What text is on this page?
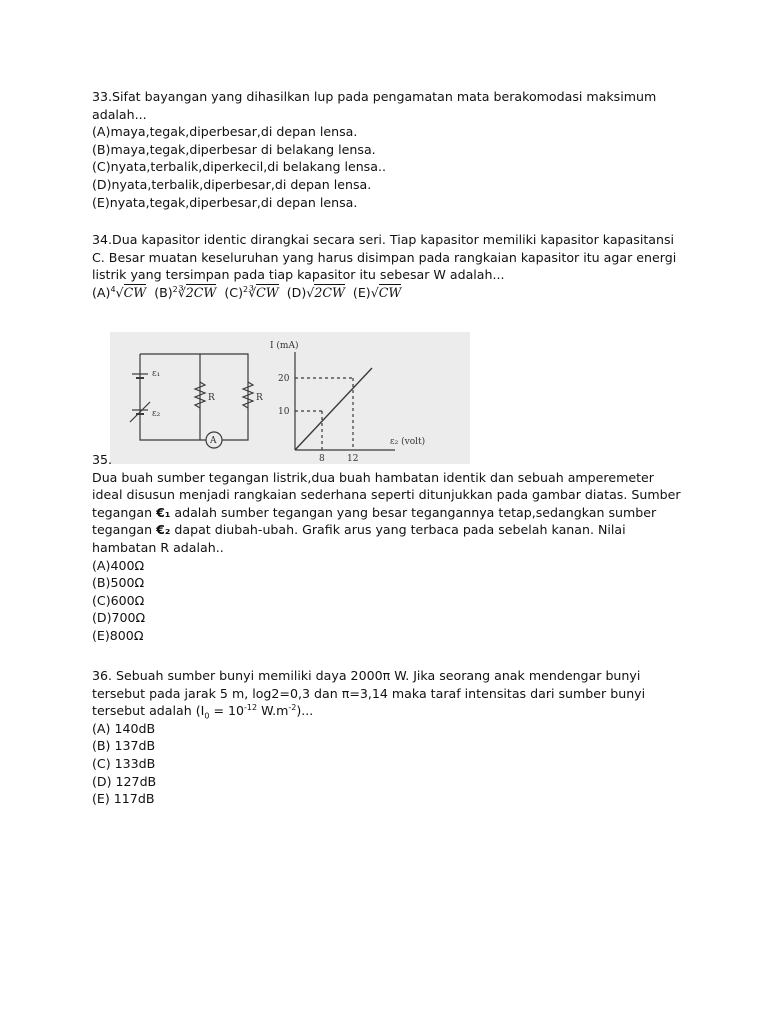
33.Sifat bayangan yang dihasilkan lup pada pengamatan mata berakomodasi maksimum
adalah...
(A)maya,tegak,diperbesar,di depan lensa.
(B)maya,tegak,diperbesar di belakang lensa.
(C)nyata,terbalik,diperkecil,di belakang lensa..
(D)nyata,terbalik,diperbesar,di depan lensa.
(E)nyata,tegak,diperbesar,di depan lensa.
34.Dua kapasitor identic dirangkai secara seri. Tiap kapasitor memiliki kapasitor kapasitansi
C. Besar muatan keseluruhan yang harus disimpan pada rangkaian kapasitor itu agar energi
listrik yang tersimpan pada tiap kapasitor itu sebesar W adalah...
$(A)^4√CW$ $(B)^2∛2CW$ $(C)^2∛CW$ (D)√2CW (E)√CW
ε₁
ε₂
R	R
A
I (mA)
ε₂ (volt)
20
10
8 12
35.
Dua buah sumber tegangan listrik,dua buah hambatan identik dan sebuah amperemeter
ideal disusun menjadi rangkaian sederhana seperti ditunjukkan pada gambar diatas. Sumber
tegangan €₁ adalah sumber tegangan yang besar tegangannya tetap,sedangkan sumber
tegangan €₂ dapat diubah-ubah. Grafik arus yang terbaca pada sebelah kanan. Nilai
hambatan R adalah..
(A)400Ω
(B)500Ω
(C)600Ω
(D)700Ω
(E)800Ω
36. Sebuah sumber bunyi memiliki daya 2000π W. Jika seorang anak mendengar bunyi
tersebut pada jarak 5 m, log2=0,3 dan π=3,14 maka taraf intensitas dari sumber bunyi
tersebut adalah ($I_0 = 10^{-12}$ $W.m^{-2}$)...
(A) 140dB
(B) 137dB
(C) 133dB
(D) 127dB
(E) 117dB
